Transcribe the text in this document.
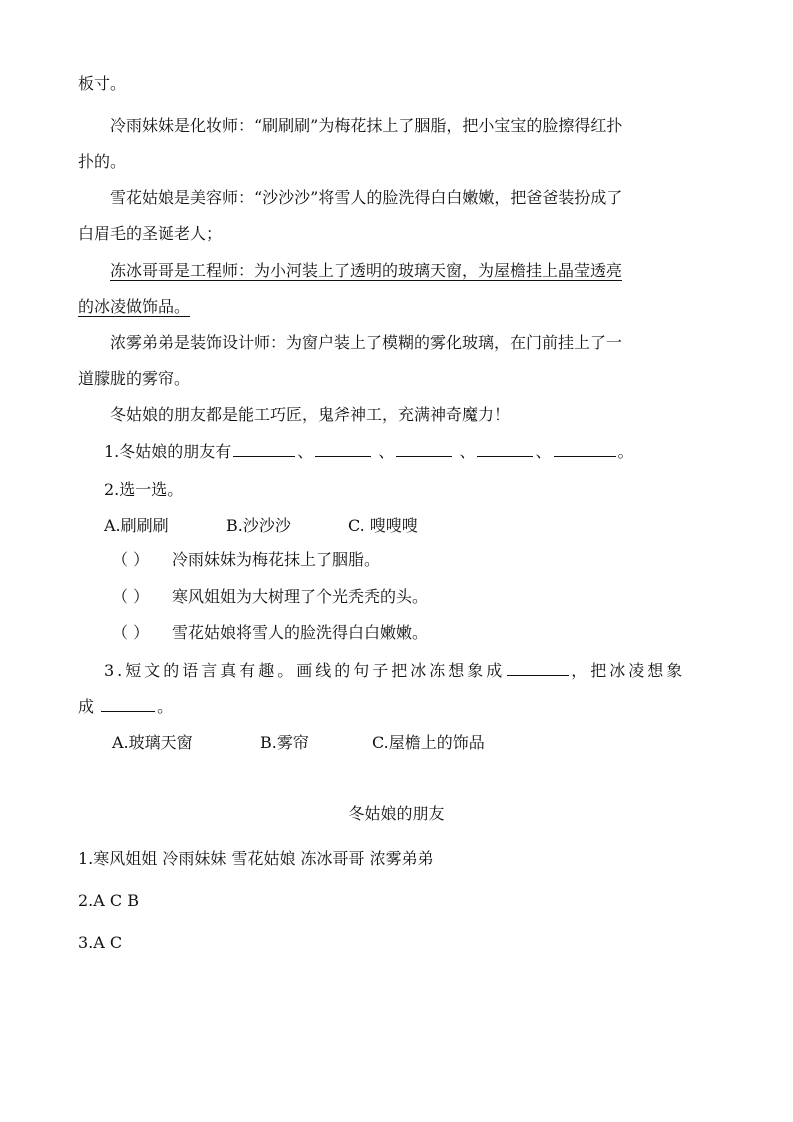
板寸。
冷雨妹妹是化妆师：“刷刷刷”为梅花抹上了胭脂，把小宝宝的脸擦得红扑
扑的。
雪花姑娘是美容师：“沙沙沙”将雪人的脸洗得白白嫩嫩，把爸爸装扮成了
白眉毛的圣诞老人；
冻冰哥哥是工程师：为小河装上了透明的玻璃天窗，为屋檐挂上晶莹透亮
的冰凌做饰品。
浓雾弟弟是装饰设计师：为窗户装上了模糊的雾化玻璃，在门前挂上了一
道朦胧的雾帘。
冬姑娘的朋友都是能工巧匠，鬼斧神工，充满神奇魔力！
1.冬姑娘的朋友有	、	、	、	、	。
2.选一选。
A.刷刷刷	B.沙沙沙	C. 嗖嗖嗖
（ ） 冷雨妹妹为梅花抹上了胭脂。
（ ） 寒风姐姐为大树理了个光秃秃的头。
（ ） 雪花姑娘将雪人的脸洗得白白嫩嫩。
3.短文的语言真有趣。画线的句子把冰冻想象成	，把冰凌想象
成	。
A.玻璃天窗	B.雾帘	C.屋檐上的饰品
冬姑娘的朋友
1.寒风姐姐 冷雨妹妹 雪花姑娘 冻冰哥哥 浓雾弟弟
2.A C B
3.A C
